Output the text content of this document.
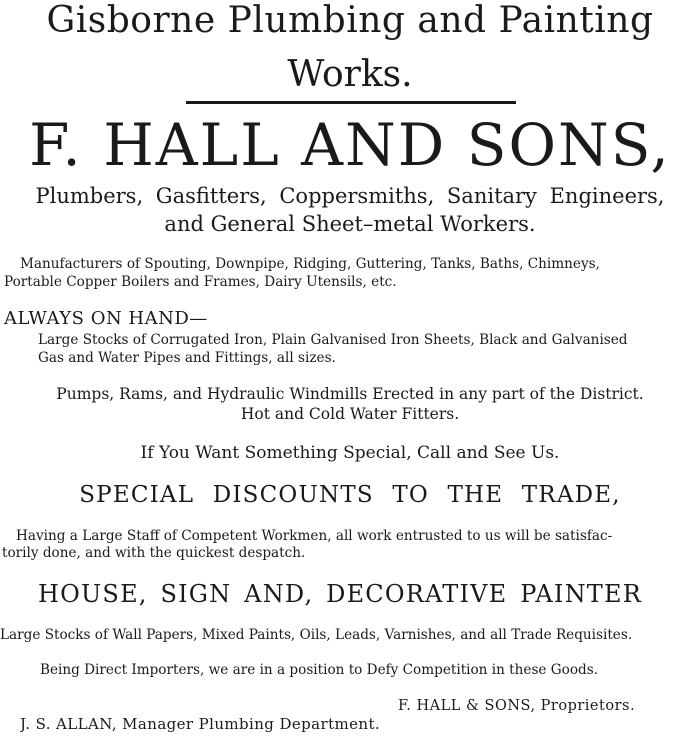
Gisborne Plumbing and Painting
Works.
F. HALL AND SONS,
Plumbers, Gasfitters, Coppersmiths, Sanitary Engineers,
and General Sheet–metal Workers.
Manufacturers of Spouting, Downpipe, Ridging, Guttering, Tanks, Baths, Chimneys,
Portable Copper Boilers and Frames, Dairy Utensils, etc.
ALWAYS ON HAND—
Large Stocks of Corrugated Iron, Plain Galvanised Iron Sheets, Black and Galvanised
Gas and Water Pipes and Fittings, all sizes.
Pumps, Rams, and Hydraulic Windmills Erected in any part of the District.
Hot and Cold Water Fitters.
If You Want Something Special, Call and See Us.
SPECIAL DISCOUNTS TO THE TRADE,
Having a Large Staff of Competent Workmen, all work entrusted to us will be satisfac-
torily done, and with the quickest despatch.
HOUSE, SIGN AND, DECORATIVE PAINTER
Large Stocks of Wall Papers, Mixed Paints, Oils, Leads, Varnishes, and all Trade Requisites.
Being Direct Importers, we are in a position to Defy Competition in these Goods.
F. HALL & SONS, Proprietors.
J. S. ALLAN, Manager Plumbing Department.
